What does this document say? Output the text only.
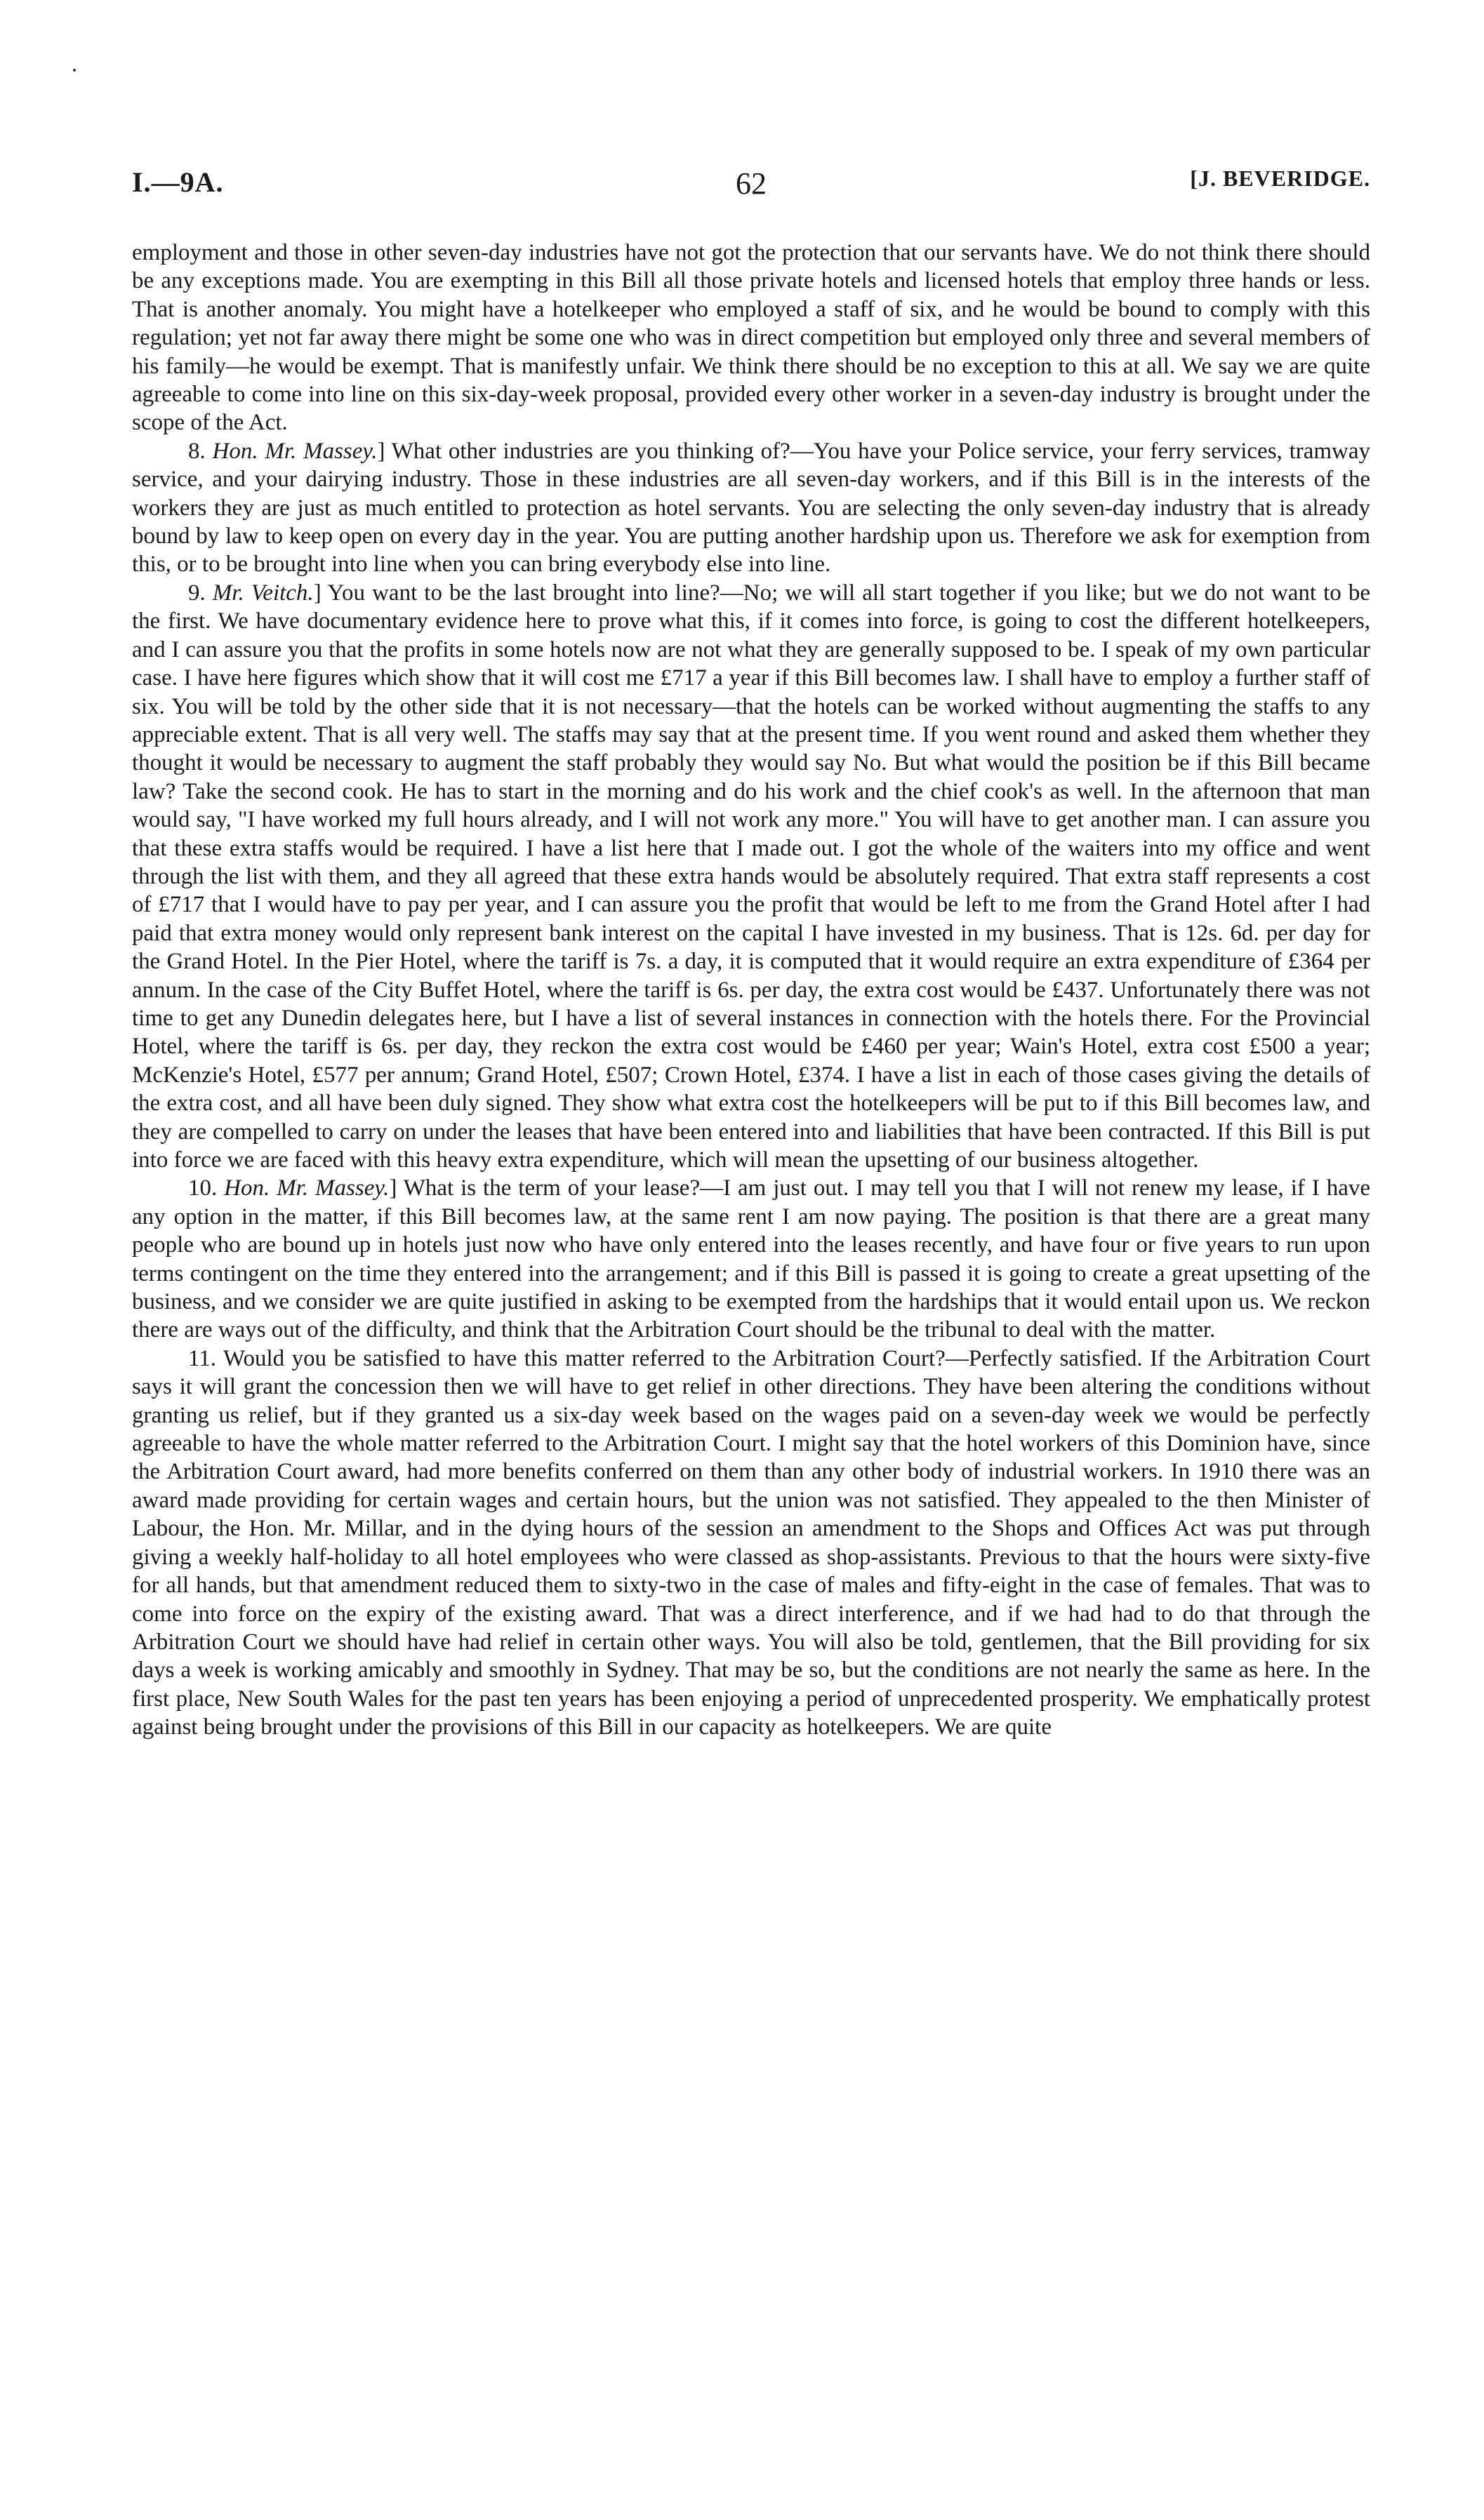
I.—9A.	62	[J. BEVERIDGE.

employment and those in other seven-day industries have not got the protection that our servants have. We do not think there should be any exceptions made. You are exempting in this Bill all those private hotels and licensed hotels that employ three hands or less. That is another anomaly. You might have a hotelkeeper who employed a staff of six, and he would be bound to comply with this regulation; yet not far away there might be some one who was in direct competition but employed only three and several members of his family—he would be exempt. That is manifestly unfair. We think there should be no exception to this at all. We say we are quite agreeable to come into line on this six-day-week proposal, provided every other worker in a seven-day industry is brought under the scope of the Act.

8. Hon. Mr. Massey.] What other industries are you thinking of?—You have your Police service, your ferry services, tramway service, and your dairying industry. Those in these industries are all seven-day workers, and if this Bill is in the interests of the workers they are just as much entitled to protection as hotel servants. You are selecting the only seven-day industry that is already bound by law to keep open on every day in the year. You are putting another hardship upon us. Therefore we ask for exemption from this, or to be brought into line when you can bring everybody else into line.

9. Mr. Veitch.] You want to be the last brought into line?—No; we will all start together if you like; but we do not want to be the first. We have documentary evidence here to prove what this, if it comes into force, is going to cost the different hotelkeepers, and I can assure you that the profits in some hotels now are not what they are generally supposed to be. I speak of my own particular case. I have here figures which show that it will cost me £717 a year if this Bill becomes law. I shall have to employ a further staff of six. You will be told by the other side that it is not necessary—that the hotels can be worked without augmenting the staffs to any appreciable extent. That is all very well. The staffs may say that at the present time. If you went round and asked them whether they thought it would be necessary to augment the staff probably they would say No. But what would the position be if this Bill became law? Take the second cook. He has to start in the morning and do his work and the chief cook's as well. In the afternoon that man would say, "I have worked my full hours already, and I will not work any more." You will have to get another man. I can assure you that these extra staffs would be required. I have a list here that I made out. I got the whole of the waiters into my office and went through the list with them, and they all agreed that these extra hands would be absolutely required. That extra staff represents a cost of £717 that I would have to pay per year, and I can assure you the profit that would be left to me from the Grand Hotel after I had paid that extra money would only represent bank interest on the capital I have invested in my business. That is 12s. 6d. per day for the Grand Hotel. In the Pier Hotel, where the tariff is 7s. a day, it is computed that it would require an extra expenditure of £364 per annum. In the case of the City Buffet Hotel, where the tariff is 6s. per day, the extra cost would be £437. Unfortunately there was not time to get any Dunedin delegates here, but I have a list of several instances in connection with the hotels there. For the Provincial Hotel, where the tariff is 6s. per day, they reckon the extra cost would be £460 per year; Wain's Hotel, extra cost £500 a year; McKenzie's Hotel, £577 per annum; Grand Hotel, £507; Crown Hotel, £374. I have a list in each of those cases giving the details of the extra cost, and all have been duly signed. They show what extra cost the hotelkeepers will be put to if this Bill becomes law, and they are compelled to carry on under the leases that have been entered into and liabilities that have been contracted. If this Bill is put into force we are faced with this heavy extra expenditure, which will mean the upsetting of our business altogether.

10. Hon. Mr. Massey.] What is the term of your lease?—I am just out. I may tell you that I will not renew my lease, if I have any option in the matter, if this Bill becomes law, at the same rent I am now paying. The position is that there are a great many people who are bound up in hotels just now who have only entered into the leases recently, and have four or five years to run upon terms contingent on the time they entered into the arrangement; and if this Bill is passed it is going to create a great upsetting of the business, and we consider we are quite justified in asking to be exempted from the hardships that it would entail upon us. We reckon there are ways out of the difficulty, and think that the Arbitration Court should be the tribunal to deal with the matter.

11. Would you be satisfied to have this matter referred to the Arbitration Court?—Perfectly satisfied. If the Arbitration Court says it will grant the concession then we will have to get relief in other directions. They have been altering the conditions without granting us relief, but if they granted us a six-day week based on the wages paid on a seven-day week we would be perfectly agreeable to have the whole matter referred to the Arbitration Court. I might say that the hotel workers of this Dominion have, since the Arbitration Court award, had more benefits conferred on them than any other body of industrial workers. In 1910 there was an award made providing for certain wages and certain hours, but the union was not satisfied. They appealed to the then Minister of Labour, the Hon. Mr. Millar, and in the dying hours of the session an amendment to the Shops and Offices Act was put through giving a weekly half-holiday to all hotel employees who were classed as shop-assistants. Previous to that the hours were sixty-five for all hands, but that amendment reduced them to sixty-two in the case of males and fifty-eight in the case of females. That was to come into force on the expiry of the existing award. That was a direct interference, and if we had had to do that through the Arbitration Court we should have had relief in certain other ways. You will also be told, gentlemen, that the Bill providing for six days a week is working amicably and smoothly in Sydney. That may be so, but the conditions are not nearly the same as here. In the first place, New South Wales for the past ten years has been enjoying a period of unprecedented prosperity. We emphatically protest against being brought under the provisions of this Bill in our capacity as hotelkeepers. We are quite
